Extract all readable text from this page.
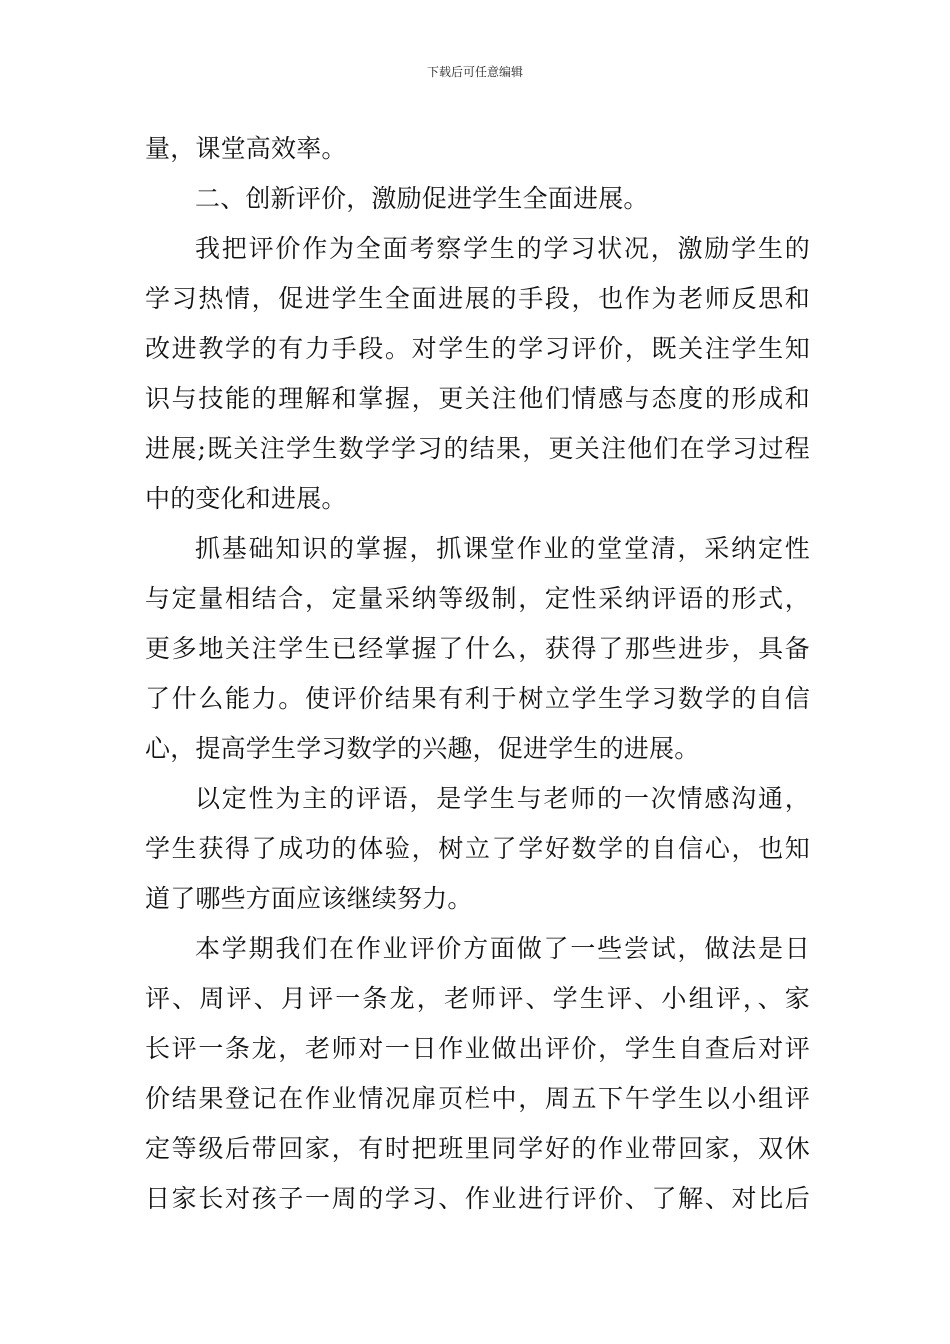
下载后可任意编辑
量，课堂高效率。
二、创新评价，激励促进学生全面进展。
我把评价作为全面考察学生的学习状况，激励学生的
学习热情，促进学生全面进展的手段，也作为老师反思和
改进教学的有力手段。对学生的学习评价，既关注学生知
识与技能的理解和掌握，更关注他们情感与态度的形成和
进展;既关注学生数学学习的结果，更关注他们在学习过程
中的变化和进展。
抓基础知识的掌握，抓课堂作业的堂堂清，采纳定性
与定量相结合，定量采纳等级制，定性采纳评语的形式，
更多地关注学生已经掌握了什么，获得了那些进步，具备
了什么能力。使评价结果有利于树立学生学习数学的自信
心，提高学生学习数学的兴趣，促进学生的进展。
以定性为主的评语，是学生与老师的一次情感沟通，
学生获得了成功的体验，树立了学好数学的自信心，也知
道了哪些方面应该继续努力。
本学期我们在作业评价方面做了一些尝试，做法是日
评、周评、月评一条龙，老师评、学生评、小组评，、家
长评一条龙，老师对一日作业做出评价，学生自查后对评
价结果登记在作业情况扉页栏中，周五下午学生以小组评
定等级后带回家，有时把班里同学好的作业带回家，双休
日家长对孩子一周的学习、作业进行评价、了解、对比后
